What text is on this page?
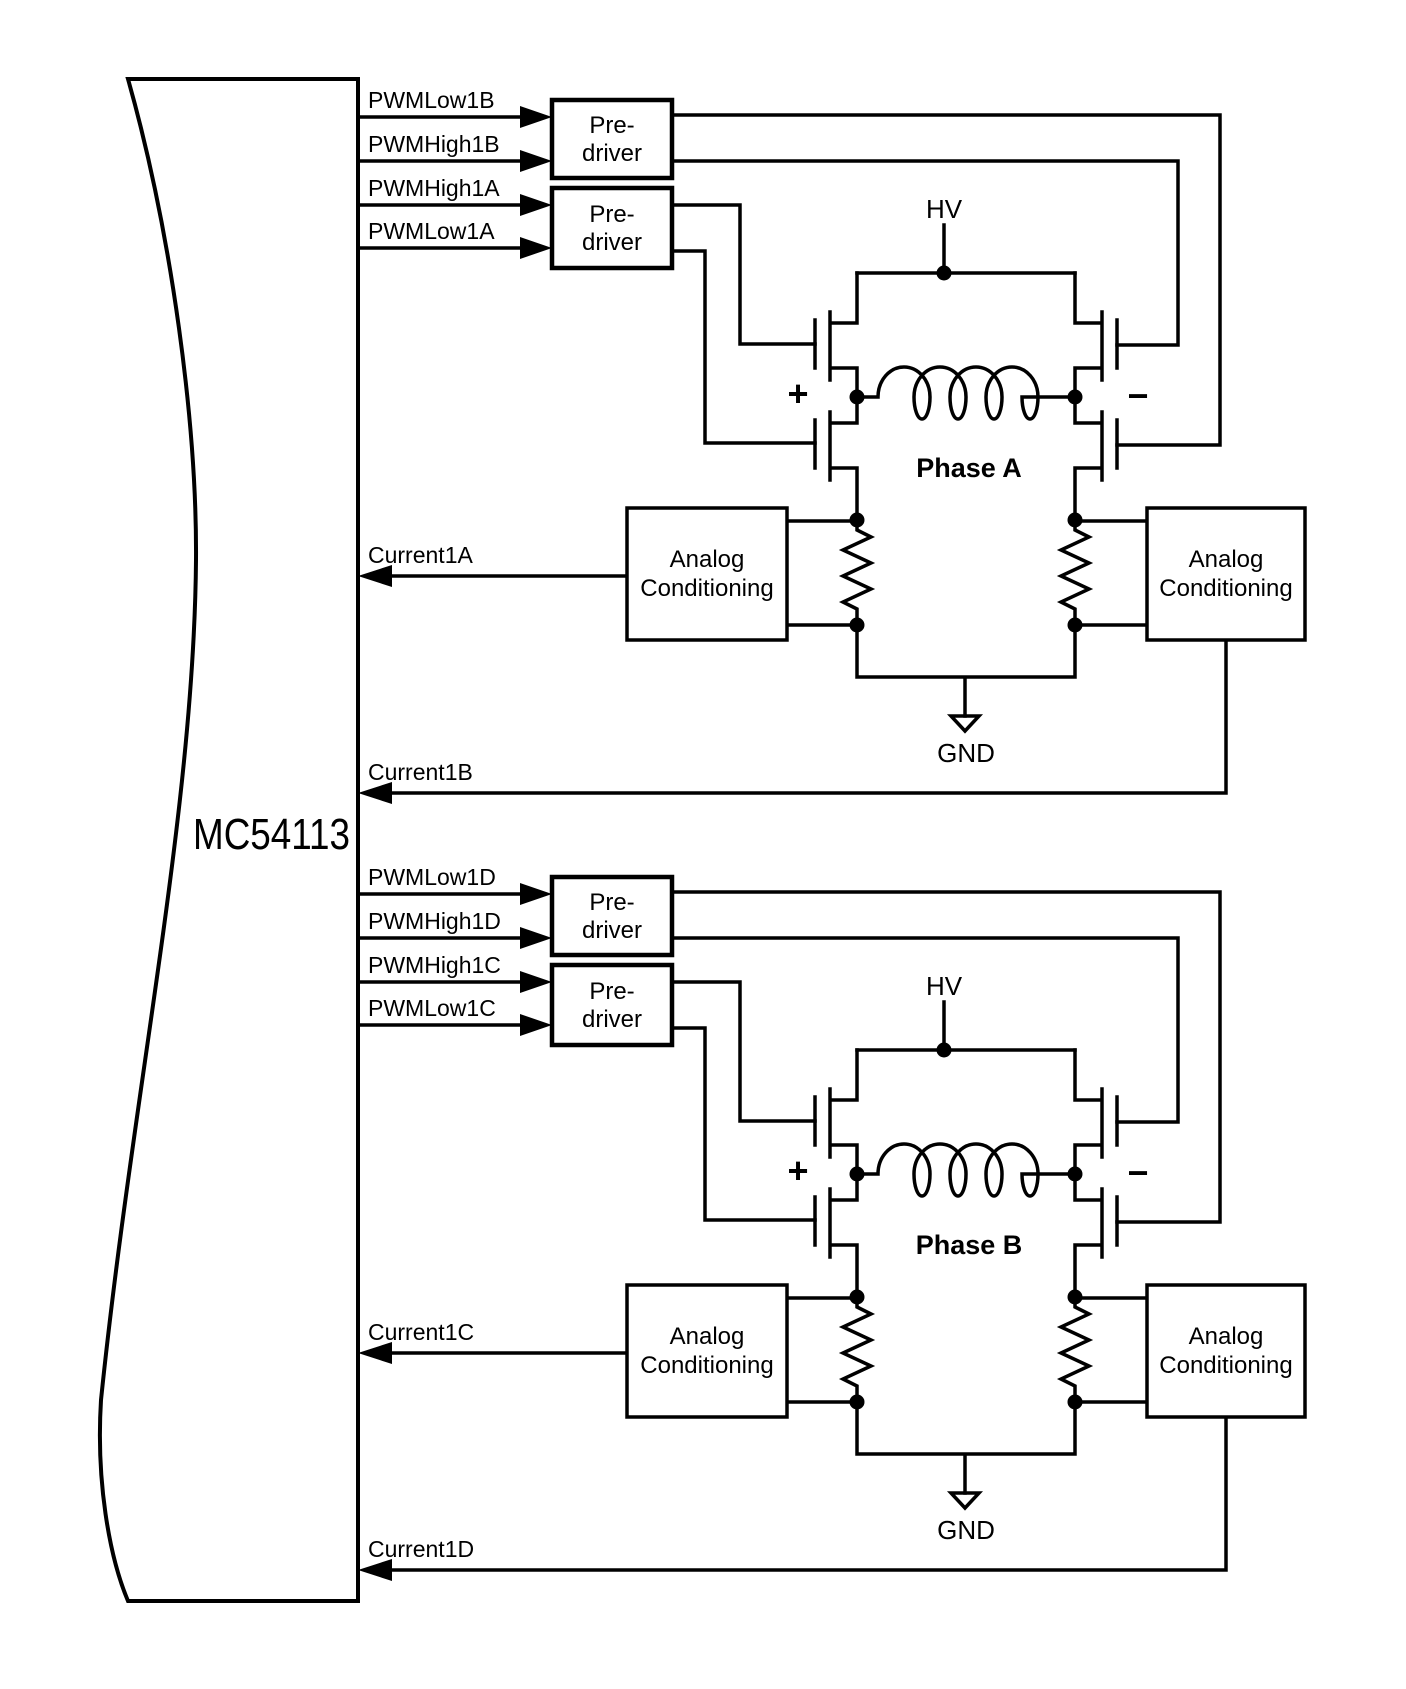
MC54113
PWMLow1B
PWMHigh1B
PWMHigh1A
PWMLow1A
Pre-
driver
Pre-
driver
HV
+	−
Phase A
Analog
Conditioning
Analog
Conditioning
Current1A
Current1B
GND
PWMLow1D
PWMHigh1D
PWMHigh1C
PWMLow1C
Pre-
driver
Pre-
driver
HV
+	−
Phase B
Analog
Conditioning
Analog
Conditioning
Current1C
Current1D
GND
